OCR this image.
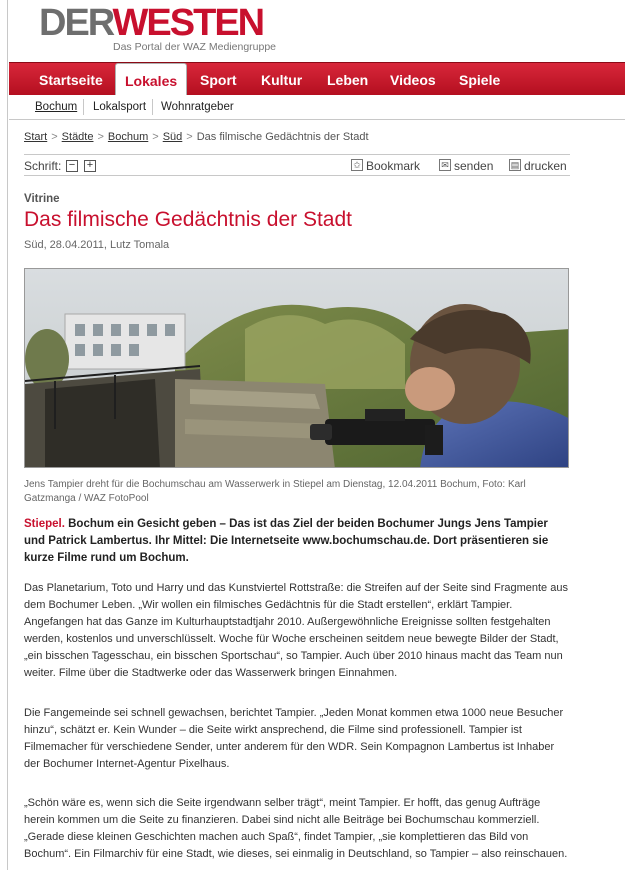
DERWESTEN
Das Portal der WAZ Mediengruppe
Startseite	Lokales	Sport Kultur Leben Videos Spiele
Bochum Lokalsport Wohnratgeber
Start > Städte > Bochum > Süd > Das filmische Gedächtnis der Stadt
Schrift: − +	✩ Bookmark ✉ senden ▤ drucken
Vitrine
Das filmische Gedächtnis der Stadt
Süd, 28.04.2011, Lutz Tomala
Jens Tampier dreht für die Bochumschau am Wasserwerk in Stiepel am Dienstag, 12.04.2011 Bochum, Foto: Karl Gatzmanga / WAZ FotoPool
Stiepel. Bochum ein Gesicht geben – Das ist das Ziel der beiden Bochumer Jungs Jens Tampier und Patrick Lambertus. Ihr Mittel: Die Internetseite www.bochumschau.de. Dort präsentieren sie kurze Filme rund um Bochum.

Das Planetarium, Toto und Harry und das Kunstviertel Rottstraße: die Streifen auf der Seite sind Fragmente aus dem Bochumer Leben. „Wir wollen ein filmisches Gedächtnis für die Stadt erstellen“, erklärt Tampier. Angefangen hat das Ganze im Kulturhauptstadtjahr 2010. Außergewöhnliche Ereignisse sollten festgehalten werden, kostenlos und unverschlüsselt. Woche für Woche erscheinen seitdem neue bewegte Bilder der Stadt, „ein bisschen Tagesschau, ein bisschen Sportschau“, so Tampier. Auch über 2010 hinaus macht das Team nun weiter. Filme über die Stadtwerke oder das Wasserwerk bringen Einnahmen.

Die Fangemeinde sei schnell gewachsen, berichtet Tampier. „Jeden Monat kommen etwa 1000 neue Besucher hinzu“, schätzt er. Kein Wunder – die Seite wirkt ansprechend, die Filme sind professionell. Tampier ist Filmemacher für verschiedene Sender, unter anderem für den WDR. Sein Kompagnon Lambertus ist Inhaber der Bochumer Internet-Agentur Pixelhaus.

„Schön wäre es, wenn sich die Seite irgendwann selber trägt“, meint Tampier. Er hofft, das genug Aufträge herein kommen um die Seite zu finanzieren. Dabei sind nicht alle Beiträge bei Bochumschau kommerziell. „Gerade diese kleinen Geschichten machen auch Spaß“, findet Tampier, „sie komplettieren das Bild von Bochum“. Ein Filmarchiv für eine Stadt, wie dieses, sei einmalig in Deutschland, so Tampier – also reinschauen.
